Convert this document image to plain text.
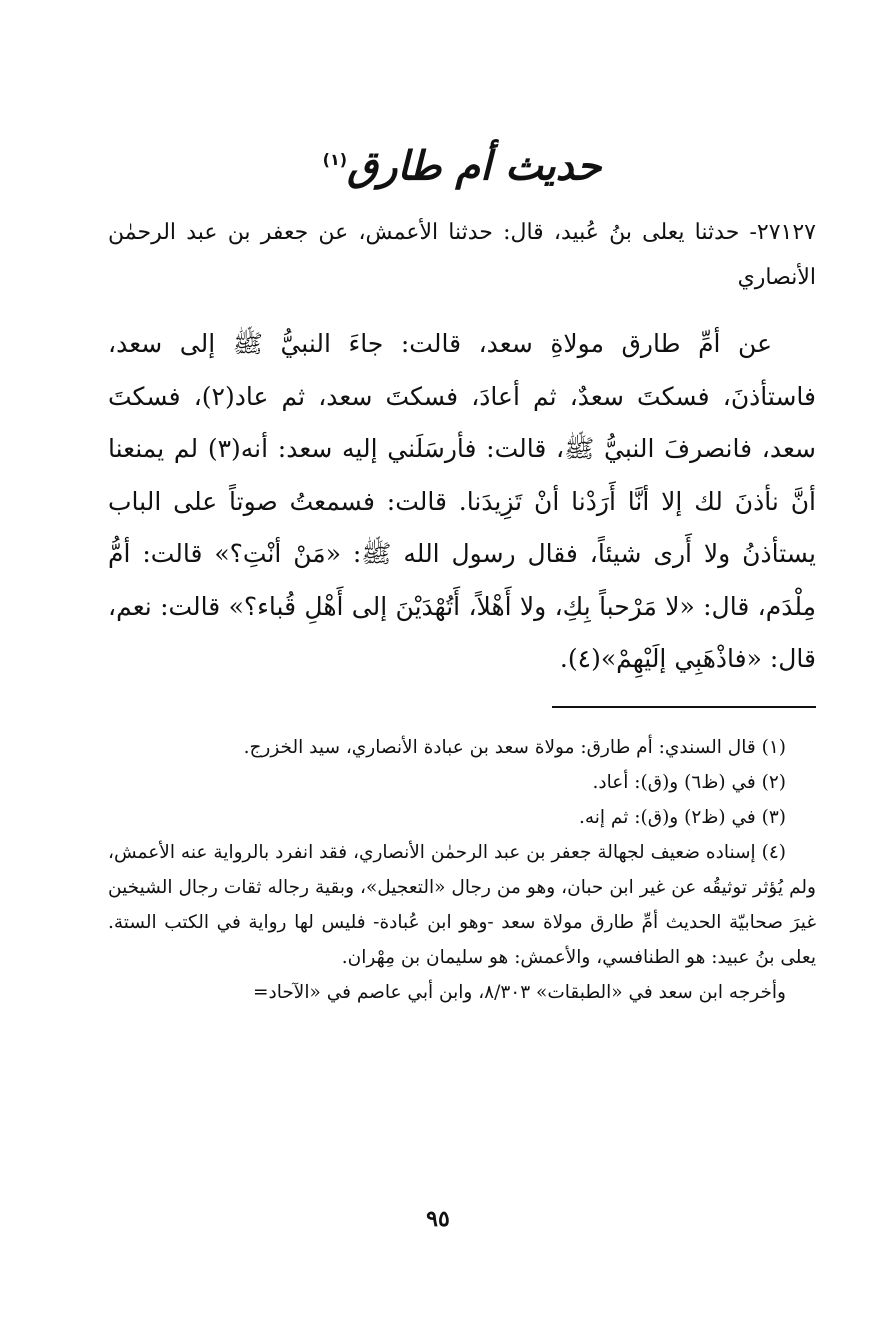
حديث أم طارق$^{(١)}$

٢٧١٢٧- حدثنا يعلى بنُ عُبيد، قال: حدثنا الأعمش، عن جعفر بن عبد الرحمٰن الأنصاري

عن أمِّ طارق مولاةِ سعد، قالت: جاءَ النبيُّ ﷺ إلى سعد، فاستأذنَ، فسكتَ سعدٌ، ثم أعادَ، فسكتَ سعد، ثم عاد(٢)، فسكتَ سعد، فانصرفَ النبيُّ ﷺ، قالت: فأرسَلَني إليه سعد: أنه(٣) لم يمنعنا أنَّ نأذنَ لك إلا أنَّا أَرَدْنا أنْ تَزِيدَنا. قالت: فسمعتُ صوتاً على الباب يستأذنُ ولا أَرى شيئاً، فقال رسول الله ﷺ: «مَنْ أنْتِ؟» قالت: أمُّ مِلْدَم، قال: «لا مَرْحباً بِكِ، ولا أَهْلاً، أَتُهْدَيْنَ إلى أَهْلِ قُباء؟» قالت: نعم، قال: «فاذْهَبِي إلَيْهِمْ»(٤).

(١) قال السندي: أم طارق: مولاة سعد بن عبادة الأنصاري، سيد الخزرج.

(٢) في (ظ٦) و(ق): أعاد.

(٣) في (ظ٢) و(ق): ثم إنه.

(٤) إسناده ضعيف لجهالة جعفر بن عبد الرحمٰن الأنصاري، فقد انفرد بالرواية عنه الأعمش، ولم يُؤثر توثيقُه عن غير ابن حبان، وهو من رجال «التعجيل»، وبقية رجاله ثقات رجال الشيخين غيرَ صحابيّة الحديث أمِّ طارق مولاة سعد -وهو ابن عُبادة- فليس لها رواية في الكتب الستة. يعلى بنُ عبيد: هو الطنافسي، والأعمش: هو سليمان بن مِهْران.

وأخرجه ابن سعد في «الطبقات» ٨/٣٠٣، وابن أبي عاصم في «الآحاد=

٩٥
